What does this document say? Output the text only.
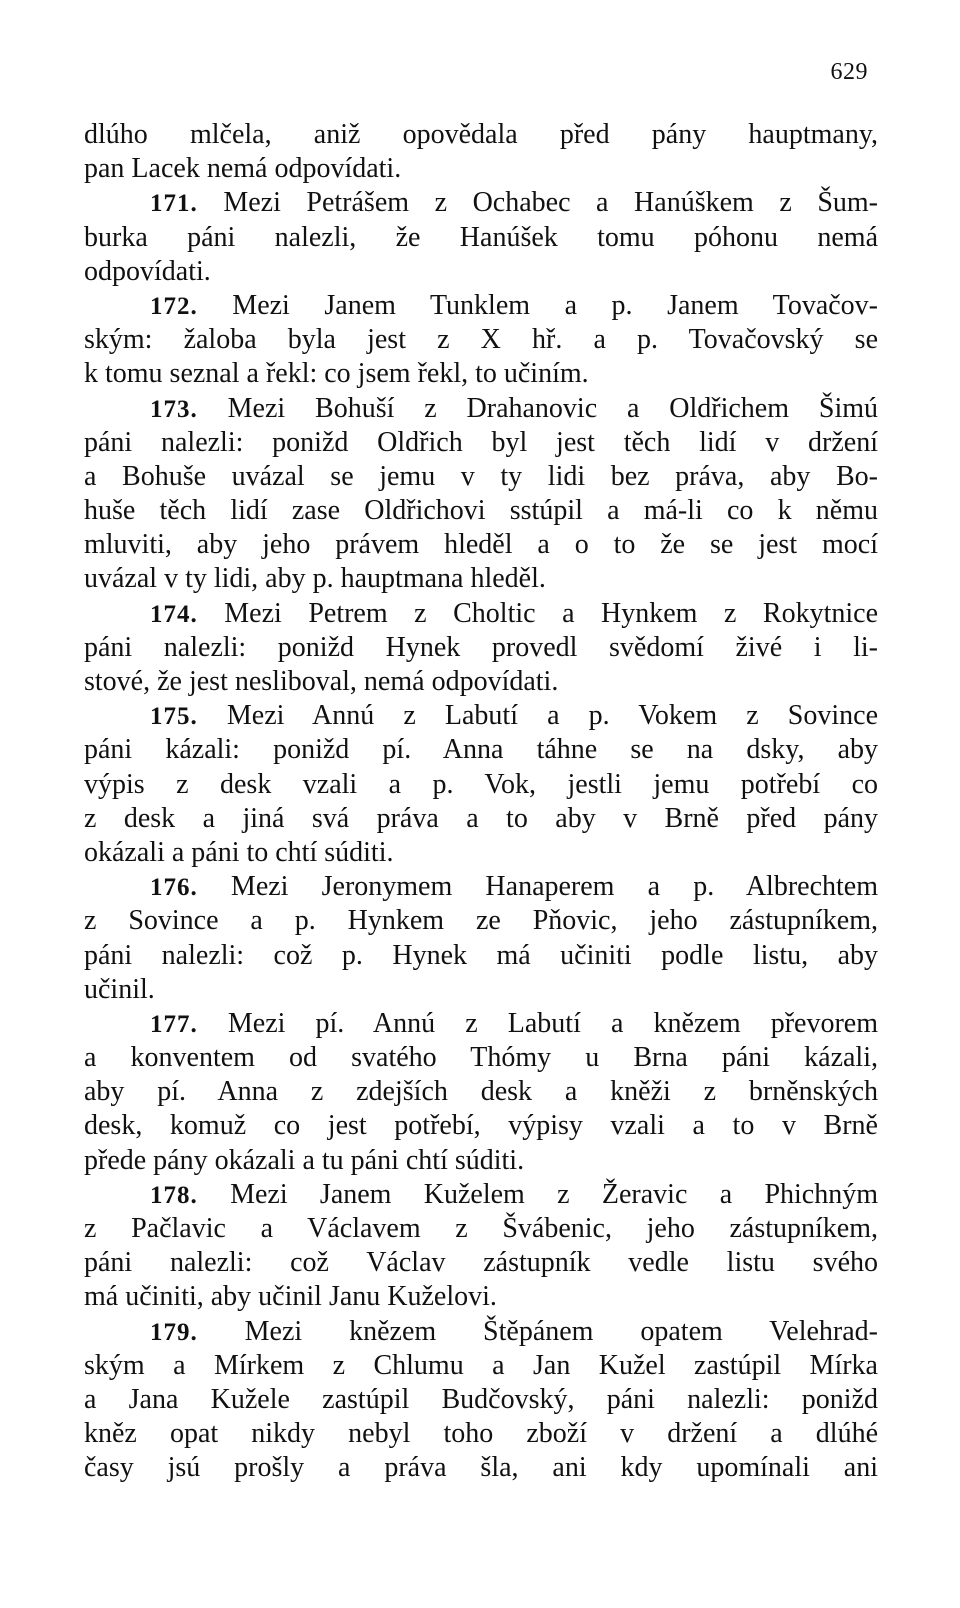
629
dlúho mlčela, aniž opovědala před pány hauptmany,
pan Lacek nemá odpovídati.
171. Mezi Petrášem z Ochabec a Hanúškem z Šum-
burka páni nalezli, že Hanúšek tomu póhonu nemá
odpovídati.
172. Mezi Janem Tunklem a p. Janem Tovačov-
ským: žaloba byla jest z X hř. a p. Tovačovský se
k tomu seznal a řekl: co jsem řekl, to učiním.
173. Mezi Bohuší z Drahanovic a Oldřichem Šimú
páni nalezli: ponižd Oldřich byl jest těch lidí v držení
a Bohuše uvázal se jemu v ty lidi bez práva, aby Bo-
huše těch lidí zase Oldřichovi sstúpil a má-li co k němu
mluviti, aby jeho právem hleděl a o to že se jest mocí
uvázal v ty lidi, aby p. hauptmana hleděl.
174. Mezi Petrem z Choltic a Hynkem z Rokytnice
páni nalezli: ponižd Hynek provedl svědomí živé i li-
stové, že jest nesliboval, nemá odpovídati.
175. Mezi Annú z Labutí a p. Vokem z Sovince
páni kázali: ponižd pí. Anna táhne se na dsky, aby
výpis z desk vzali a p. Vok, jestli jemu potřebí co
z desk a jiná svá práva a to aby v Brně před pány
okázali a páni to chtí súditi.
176. Mezi Jeronymem Hanaperem a p. Albrechtem
z Sovince a p. Hynkem ze Pňovic, jeho zástupníkem,
páni nalezli: což p. Hynek má učiniti podle listu, aby
učinil.
177. Mezi pí. Annú z Labutí a knězem převorem
a konventem od svatého Thómy u Brna páni kázali,
aby pí. Anna z zdejších desk a kněži z brněnských
desk, komuž co jest potřebí, výpisy vzali a to v Brně
přede pány okázali a tu páni chtí súditi.
178. Mezi Janem Kuželem z Žeravic a Phichným
z Pačlavic a Václavem z Švábenic, jeho zástupníkem,
páni nalezli: což Václav zástupník vedle listu svého
má učiniti, aby učinil Janu Kuželovi.
179. Mezi knězem Štěpánem opatem Velehrad-
ským a Mírkem z Chlumu a Jan Kužel zastúpil Mírka
a Jana Kužele zastúpil Budčovský, páni nalezli: ponižd
kněz opat nikdy nebyl toho zboží v držení a dlúhé
časy jsú prošly a práva šla, ani kdy upomínali ani
